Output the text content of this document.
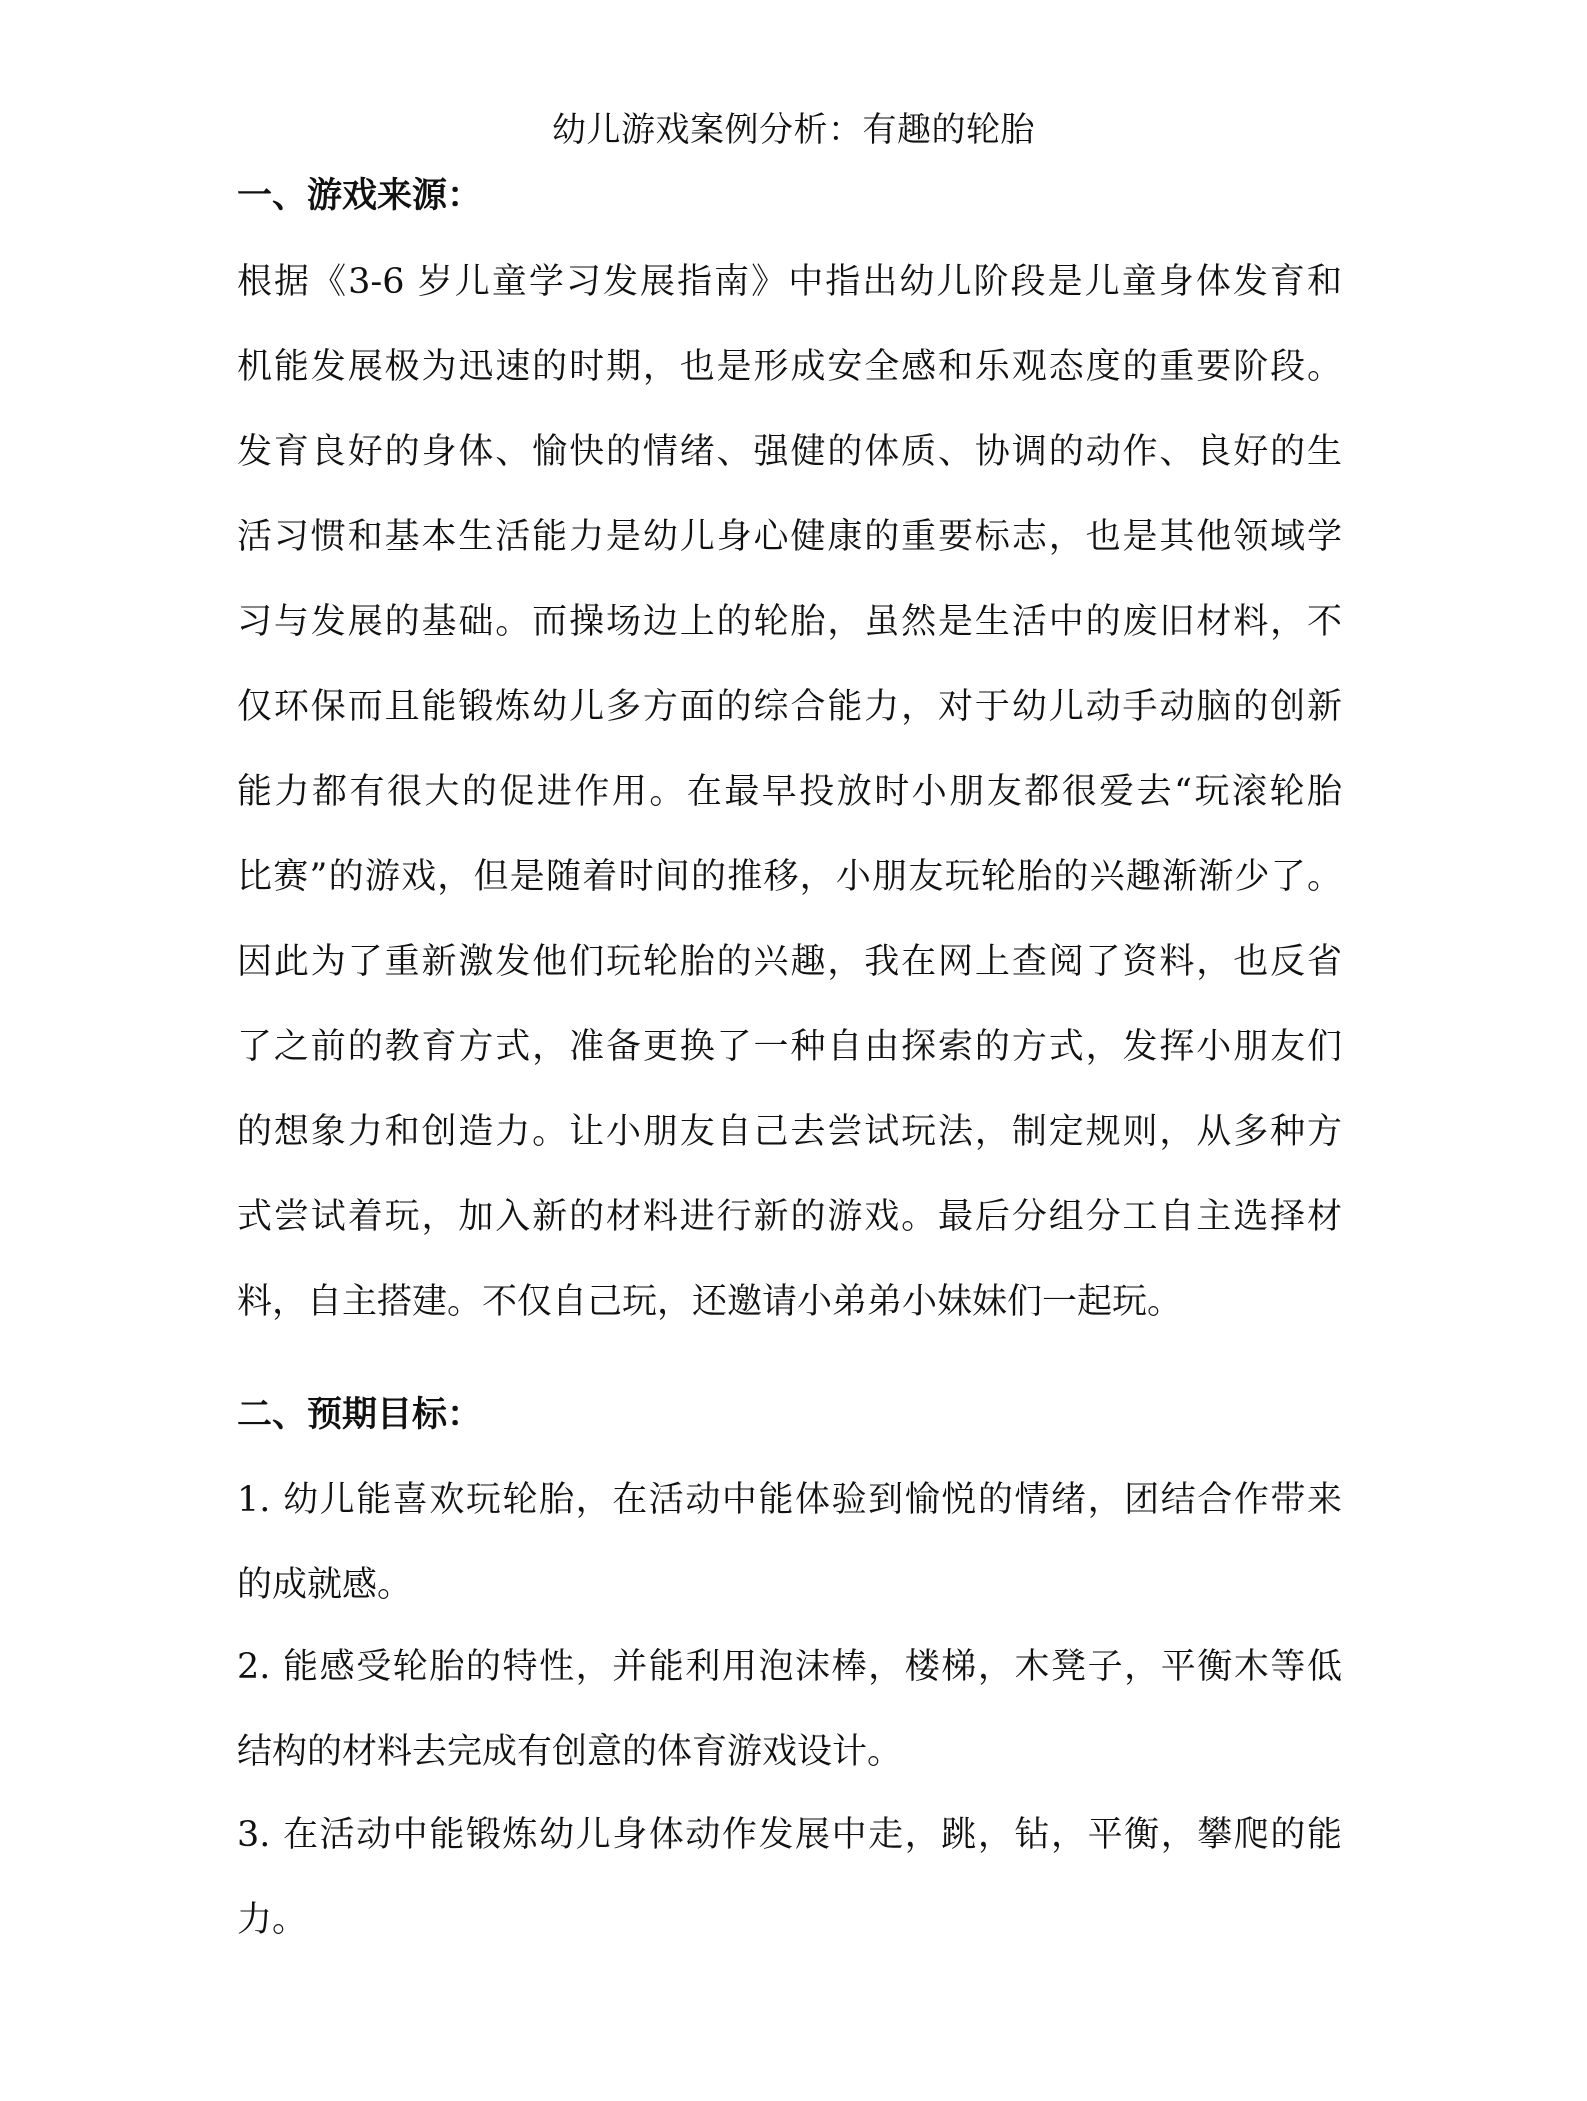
幼儿游戏案例分析：有趣的轮胎
一、游戏来源：
根据《3-6 岁儿童学习发展指南》中指出幼儿阶段是儿童身体发育和
机能发展极为迅速的时期，也是形成安全感和乐观态度的重要阶段。
发育良好的身体、愉快的情绪、强健的体质、协调的动作、良好的生
活习惯和基本生活能力是幼儿身心健康的重要标志，也是其他领域学
习与发展的基础。而操场边上的轮胎，虽然是生活中的废旧材料，不
仅环保而且能锻炼幼儿多方面的综合能力，对于幼儿动手动脑的创新
能力都有很大的促进作用。在最早投放时小朋友都很爱去“玩滚轮胎
比赛”的游戏，但是随着时间的推移，小朋友玩轮胎的兴趣渐渐少了。
因此为了重新激发他们玩轮胎的兴趣，我在网上查阅了资料，也反省
了之前的教育方式，准备更换了一种自由探索的方式，发挥小朋友们
的想象力和创造力。让小朋友自己去尝试玩法，制定规则，从多种方
式尝试着玩，加入新的材料进行新的游戏。最后分组分工自主选择材
料，自主搭建。不仅自己玩，还邀请小弟弟小妹妹们一起玩。
二、预期目标：
1. 幼儿能喜欢玩轮胎，在活动中能体验到愉悦的情绪，团结合作带来
的成就感。
2. 能感受轮胎的特性，并能利用泡沫棒，楼梯，木凳子，平衡木等低
结构的材料去完成有创意的体育游戏设计。
3. 在活动中能锻炼幼儿身体动作发展中走，跳，钻，平衡，攀爬的能
力。
